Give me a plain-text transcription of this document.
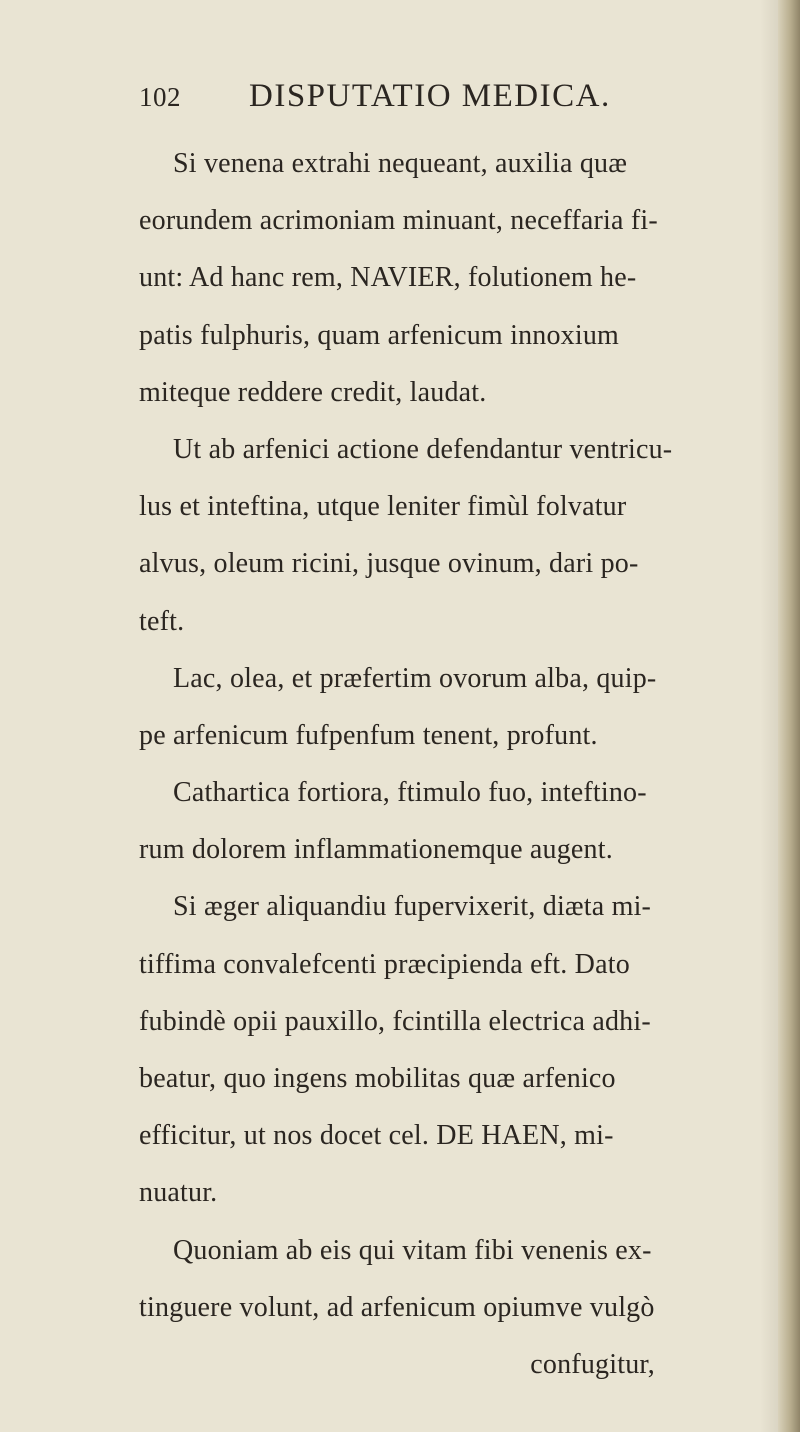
102	DISPUTATIO MEDICA.
Si venena extrahi nequeant, auxilia quæ
eorundem acrimoniam minuant, neceffaria fi-
unt: Ad hanc rem, NAVIER, folutionem he-
patis fulphuris, quam arfenicum innoxium
miteque reddere credit, laudat.
Ut ab arfenici actione defendantur ventricu-
lus et inteftina, utque leniter fimùl folvatur
alvus, oleum ricini, jusque ovinum, dari po-
teft.
Lac, olea, et præfertim ovorum alba, quip-
pe arfenicum fufpenfum tenent, profunt.
Cathartica fortiora, ftimulo fuo, inteftino-
rum dolorem inflammationemque augent.
Si æger aliquandiu fupervixerit, diæta mi-
tiffima convalefcenti præcipienda eft. Dato
fubindè opii pauxillo, fcintilla electrica adhi-
beatur, quo ingens mobilitas quæ arfenico
efficitur, ut nos docet cel. DE HAEN, mi-
nuatur.
Quoniam ab eis qui vitam fibi venenis ex-
tinguere volunt, ad arfenicum opiumve vulgò
confugitur,
